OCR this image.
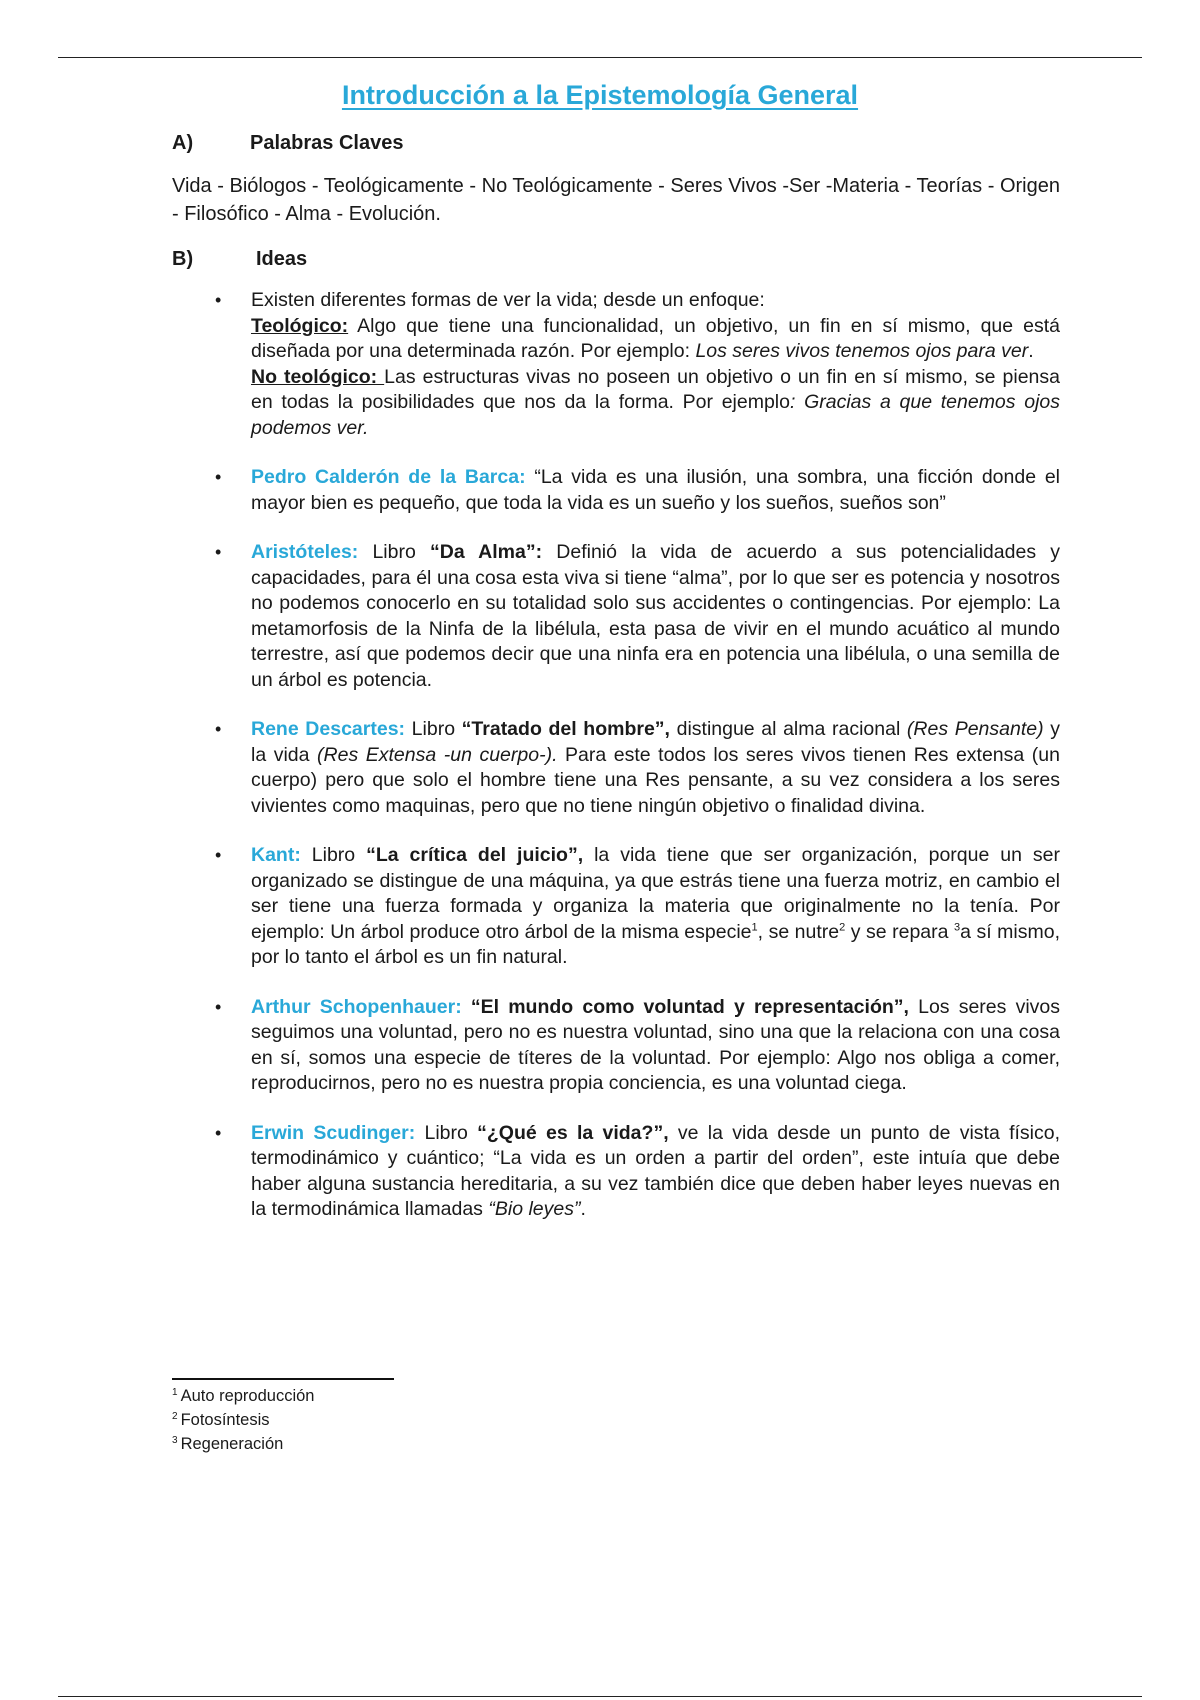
Introducción a la Epistemología General
A)	Palabras Claves
Vida - Biólogos - Teológicamente - No Teológicamente - Seres Vivos -Ser -Materia - Teorías - Origen - Filosófico - Alma - Evolución.
B)	Ideas
• Existen diferentes formas de ver la vida; desde un enfoque:
Teológico: Algo que tiene una funcionalidad, un objetivo, un fin en sí mismo, que está diseñada por una determinada razón. Por ejemplo: Los seres vivos tenemos ojos para ver.
No teológico: Las estructuras vivas no poseen un objetivo o un fin en sí mismo, se piensa en todas la posibilidades que nos da la forma. Por ejemplo: Gracias a que tenemos ojos podemos ver.
• Pedro Calderón de la Barca: “La vida es una ilusión, una sombra, una ficción donde el mayor bien es pequeño, que toda la vida es un sueño y los sueños, sueños son”
• Aristóteles: Libro “Da Alma”: Definió la vida de acuerdo a sus potencialidades y capacidades, para él una cosa esta viva si tiene “alma”, por lo que ser es potencia y nosotros no podemos conocerlo en su totalidad solo sus accidentes o contingencias. Por ejemplo: La metamorfosis de la Ninfa de la libélula, esta pasa de vivir en el mundo acuático al mundo terrestre, así que podemos decir que una ninfa era en potencia una libélula, o una semilla de un árbol es potencia.
• Rene Descartes: Libro “Tratado del hombre”, distingue al alma racional (Res Pensante) y la vida (Res Extensa -un cuerpo-). Para este todos los seres vivos tienen Res extensa (un cuerpo) pero que solo el hombre tiene una Res pensante, a su vez considera a los seres vivientes como maquinas, pero que no tiene ningún objetivo o finalidad divina.
• Kant: Libro “La crítica del juicio”, la vida tiene que ser organización, porque un ser organizado se distingue de una máquina, ya que estrás tiene una fuerza motriz, en cambio el ser tiene una fuerza formada y organiza la materia que originalmente no la tenía. Por ejemplo: Un árbol produce otro árbol de la misma especie$^1$, se nutre$^2$ y se repara $^3$a sí mismo, por lo tanto el árbol es un fin natural.
• Arthur Schopenhauer: “El mundo como voluntad y representación”, Los seres vivos seguimos una voluntad, pero no es nuestra voluntad, sino una que la relaciona con una cosa en sí, somos una especie de títeres de la voluntad. Por ejemplo: Algo nos obliga a comer, reproducirnos, pero no es nuestra propia conciencia, es una voluntad ciega.
• Erwin Scudinger: Libro “¿Qué es la vida?”, ve la vida desde un punto de vista físico, termodinámico y cuántico; “La vida es un orden a partir del orden”, este intuía que debe haber alguna sustancia hereditaria, a su vez también dice que deben haber leyes nuevas en la termodinámica llamadas “Bio leyes”.
$^1$ Auto reproducción
$^2$ Fotosíntesis
$^3$ Regeneración
